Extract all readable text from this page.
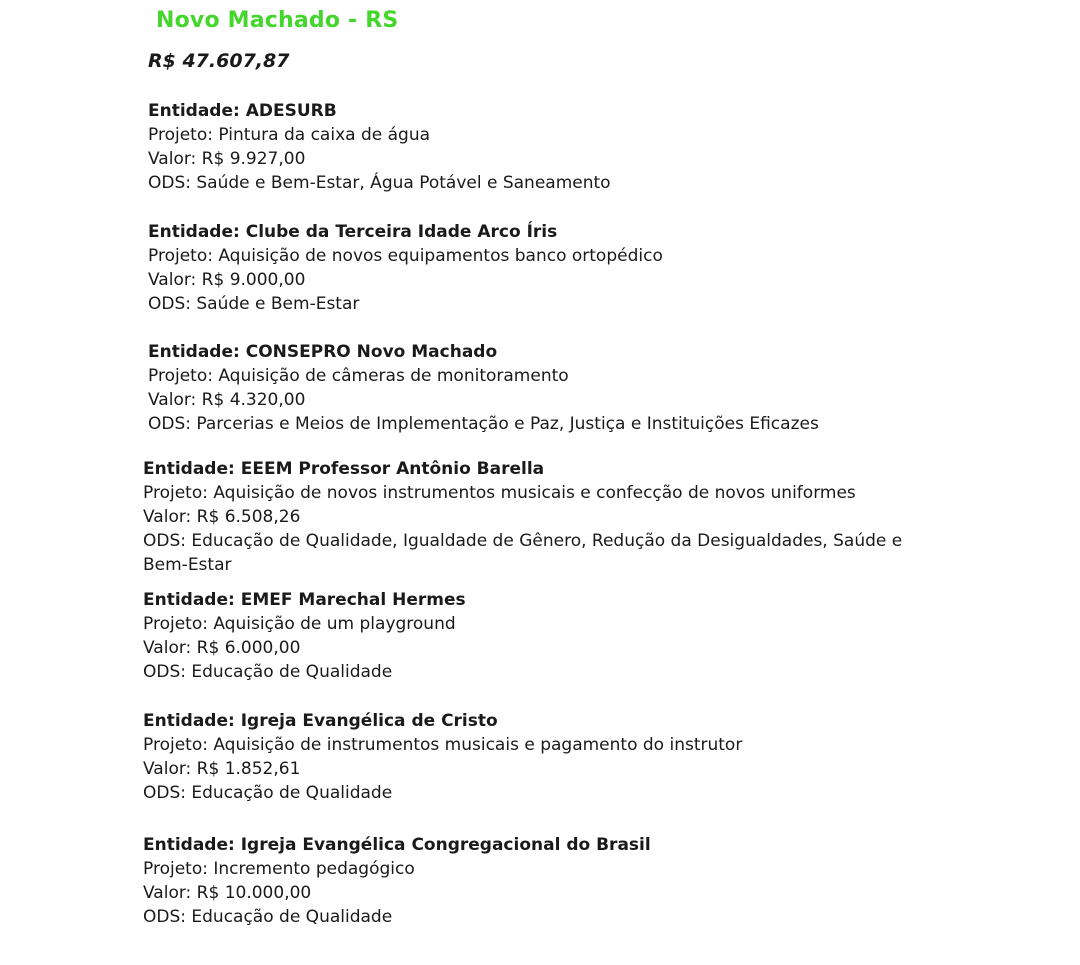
Novo Machado - RS
R$ 47.607,87
Entidade: ADESURB
Projeto: Pintura da caixa de água
Valor: R$ 9.927,00
ODS: Saúde e Bem-Estar, Água Potável e Saneamento
Entidade: Clube da Terceira Idade Arco Íris
Projeto: Aquisição de novos equipamentos banco ortopédico
Valor: R$ 9.000,00
ODS: Saúde e Bem-Estar
Entidade: CONSEPRO Novo Machado
Projeto: Aquisição de câmeras de monitoramento
Valor: R$ 4.320,00
ODS: Parcerias e Meios de Implementação e Paz, Justiça e Instituições Eficazes
Entidade: EEEM Professor Antônio Barella
Projeto: Aquisição de novos instrumentos musicais e confecção de novos uniformes
Valor: R$ 6.508,26
ODS: Educação de Qualidade, Igualdade de Gênero, Redução da Desigualdades, Saúde e Bem-Estar
Entidade: EMEF Marechal Hermes
Projeto: Aquisição de um playground
Valor: R$ 6.000,00
ODS: Educação de Qualidade
Entidade: Igreja Evangélica de Cristo
Projeto: Aquisição de instrumentos musicais e pagamento do instrutor
Valor: R$ 1.852,61
ODS: Educação de Qualidade
Entidade: Igreja Evangélica Congregacional do Brasil
Projeto: Incremento pedagógico
Valor: R$ 10.000,00
ODS: Educação de Qualidade
